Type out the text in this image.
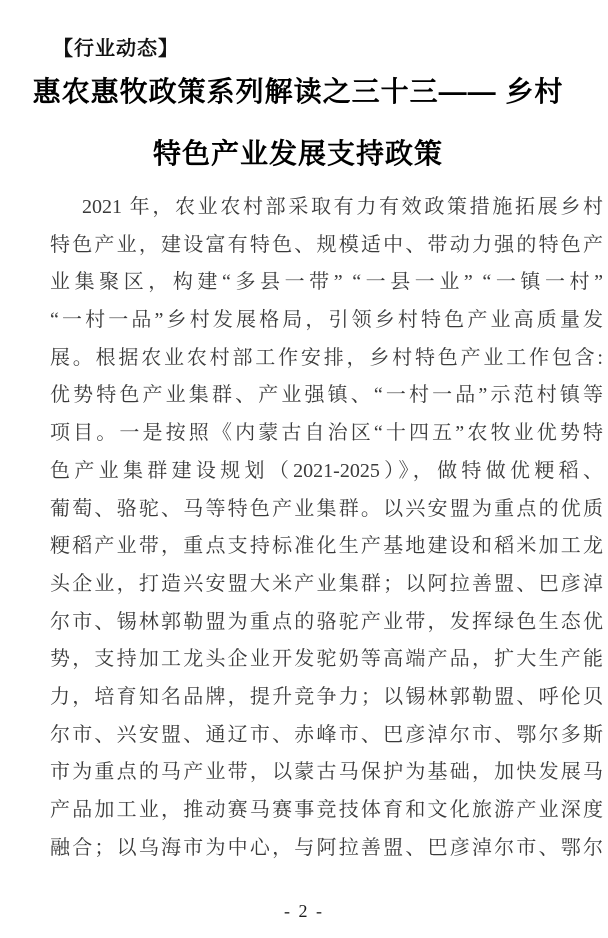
【行业动态】
惠农惠牧政策系列解读之三十三—— 乡村
特色产业发展支持政策
2021 年，农业农村部采取有力有效政策措施拓展乡村
特色产业，建设富有特色、规模适中、带动力强的特色产
业集聚区，构建“多县一带” “一县一业” “一镇一村”
“一村一品”乡村发展格局，引领乡村特色产业高质量发
展。根据农业农村部工作安排，乡村特色产业工作包含:
优势特色产业集群、产业强镇、“一村一品”示范村镇等
项目。一是按照《内蒙古自治区“十四五”农牧业优势特
色产业集群建设规划（2021-2025）》，做特做优粳稻、
葡萄、骆驼、马等特色产业集群。以兴安盟为重点的优质
粳稻产业带，重点支持标准化生产基地建设和稻米加工龙
头企业，打造兴安盟大米产业集群；以阿拉善盟、巴彦淖
尔市、锡林郭勒盟为重点的骆驼产业带，发挥绿色生态优
势，支持加工龙头企业开发驼奶等高端产品，扩大生产能
力，培育知名品牌，提升竞争力；以锡林郭勒盟、呼伦贝
尔市、兴安盟、通辽市、赤峰市、巴彦淖尔市、鄂尔多斯
市为重点的马产业带，以蒙古马保护为基础，加快发展马
产品加工业，推动赛马赛事竞技体育和文化旅游产业深度
融合；以乌海市为中心，与阿拉善盟、巴彦淖尔市、鄂尔
- 2 -
